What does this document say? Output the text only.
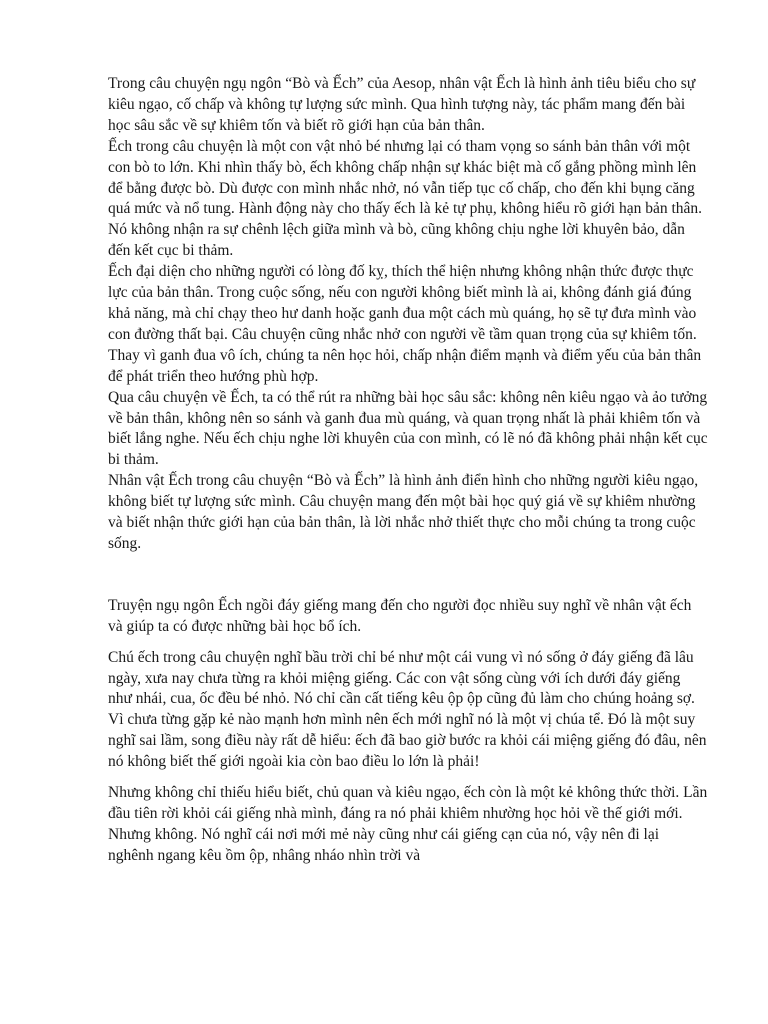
Trong câu chuyện ngụ ngôn “Bò và Ếch” của Aesop, nhân vật Ếch là hình ảnh tiêu biểu cho sự kiêu ngạo, cố chấp và không tự lượng sức mình. Qua hình tượng này, tác phẩm mang đến bài học sâu sắc về sự khiêm tốn và biết rõ giới hạn của bản thân.

Ếch trong câu chuyện là một con vật nhỏ bé nhưng lại có tham vọng so sánh bản thân với một con bò to lớn. Khi nhìn thấy bò, ếch không chấp nhận sự khác biệt mà cố gắng phồng mình lên để bằng được bò. Dù được con mình nhắc nhở, nó vẫn tiếp tục cố chấp, cho đến khi bụng căng quá mức và nổ tung. Hành động này cho thấy ếch là kẻ tự phụ, không hiểu rõ giới hạn bản thân. Nó không nhận ra sự chênh lệch giữa mình và bò, cũng không chịu nghe lời khuyên bảo, dẫn đến kết cục bi thảm.

Ếch đại diện cho những người có lòng đố kỵ, thích thể hiện nhưng không nhận thức được thực lực của bản thân. Trong cuộc sống, nếu con người không biết mình là ai, không đánh giá đúng khả năng, mà chỉ chạy theo hư danh hoặc ganh đua một cách mù quáng, họ sẽ tự đưa mình vào con đường thất bại. Câu chuyện cũng nhắc nhở con người về tầm quan trọng của sự khiêm tốn. Thay vì ganh đua vô ích, chúng ta nên học hỏi, chấp nhận điểm mạnh và điểm yếu của bản thân để phát triển theo hướng phù hợp.

Qua câu chuyện về Ếch, ta có thể rút ra những bài học sâu sắc: không nên kiêu ngạo và ảo tưởng về bản thân, không nên so sánh và ganh đua mù quáng, và quan trọng nhất là phải khiêm tốn và biết lắng nghe. Nếu ếch chịu nghe lời khuyên của con mình, có lẽ nó đã không phải nhận kết cục bi thảm.

Nhân vật Ếch trong câu chuyện “Bò và Ếch” là hình ảnh điển hình cho những người kiêu ngạo, không biết tự lượng sức mình. Câu chuyện mang đến một bài học quý giá về sự khiêm nhường và biết nhận thức giới hạn của bản thân, là lời nhắc nhở thiết thực cho mỗi chúng ta trong cuộc sống.

Truyện ngụ ngôn Ếch ngồi đáy giếng mang đến cho người đọc nhiều suy nghĩ về nhân vật ếch và giúp ta có được những bài học bổ ích.

Chú ếch trong câu chuyện nghĩ bầu trời chỉ bé như một cái vung vì nó sống ở đáy giếng đã lâu ngày, xưa nay chưa từng ra khỏi miệng giếng. Các con vật sống cùng với ích dưới đáy giếng như nhái, cua, ốc đều bé nhỏ. Nó chỉ cần cất tiếng kêu ộp ộp cũng đủ làm cho chúng hoảng sợ. Vì chưa từng gặp kẻ nào mạnh hơn mình nên ếch mới nghĩ nó là một vị chúa tể. Đó là một suy nghĩ sai lầm, song điều này rất dễ hiểu: ếch đã bao giờ bước ra khỏi cái miệng giếng đó đâu, nên nó không biết thế giới ngoài kia còn bao điều lo lớn là phải!

Nhưng không chỉ thiếu hiểu biết, chủ quan và kiêu ngạo, ếch còn là một kẻ không thức thời. Lần đầu tiên rời khỏi cái giếng nhà mình, đáng ra nó phải khiêm nhường học hỏi về thế giới mới. Nhưng không. Nó nghĩ cái nơi mới mẻ này cũng như cái giếng cạn của nó, vậy nên đi lại nghênh ngang kêu ồm ộp, nhâng nháo nhìn trời và
